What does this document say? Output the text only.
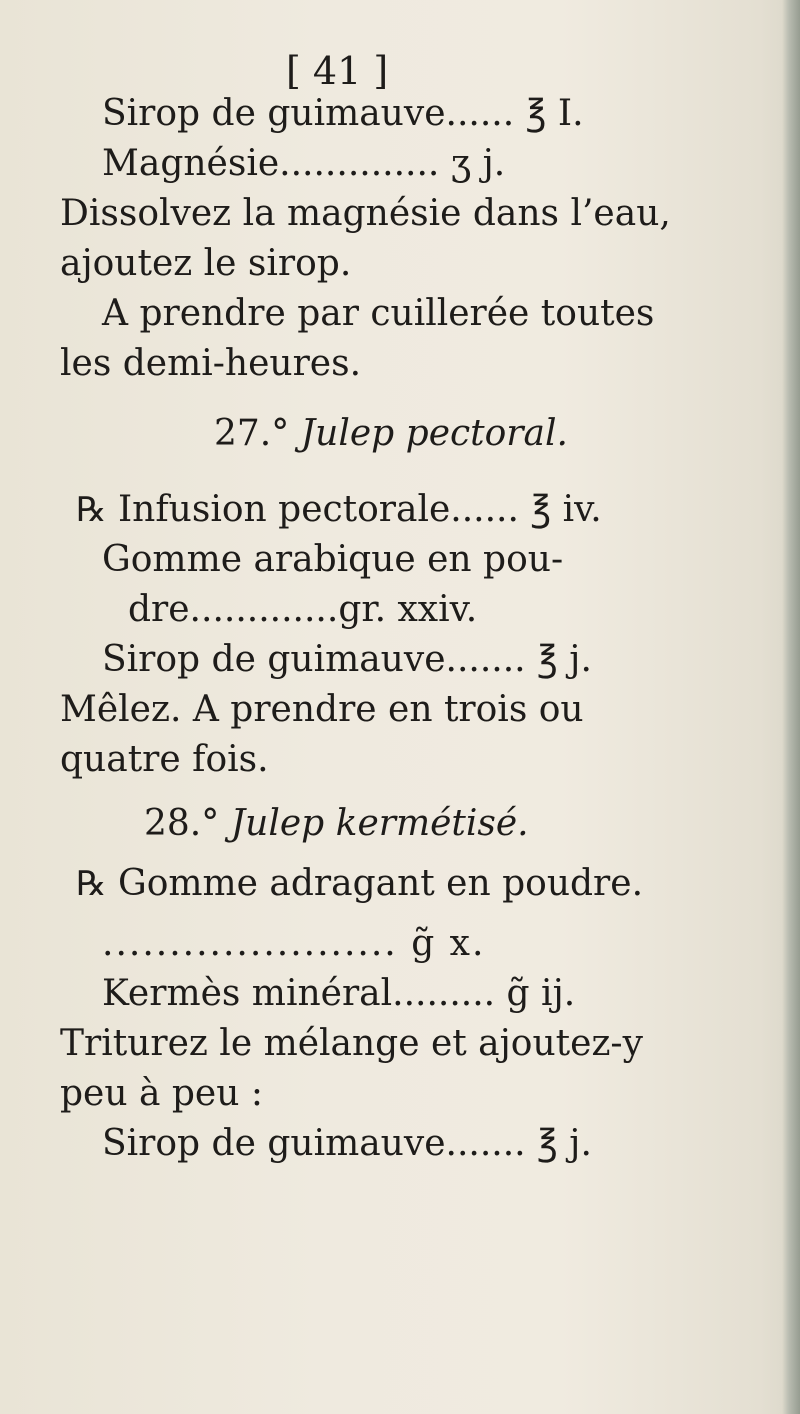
[ 41 ]
Sirop de guimauve...... ℥ I.
Magnésie.............. ʒ j.
Dissolvez la magnésie dans l’eau,
ajoutez le sirop.
A prendre par cuillerée toutes
les demi-heures.
27.° Julep pectoral.
℞ Infusion pectorale...... ℥ iv.
Gomme arabique en pou-
dre.............gr. xxiv.
Sirop de guimauve....... ℥ j.
Mêlez. A prendre en trois ou
quatre fois.
28.° Julep kermétisé.
℞ Gomme adragant en poudre.
...................... g̃ x.
Kermès minéral......... g̃ ij.
Triturez le mélange et ajoutez-y
peu à peu :
Sirop de guimauve....... ℥ j.
